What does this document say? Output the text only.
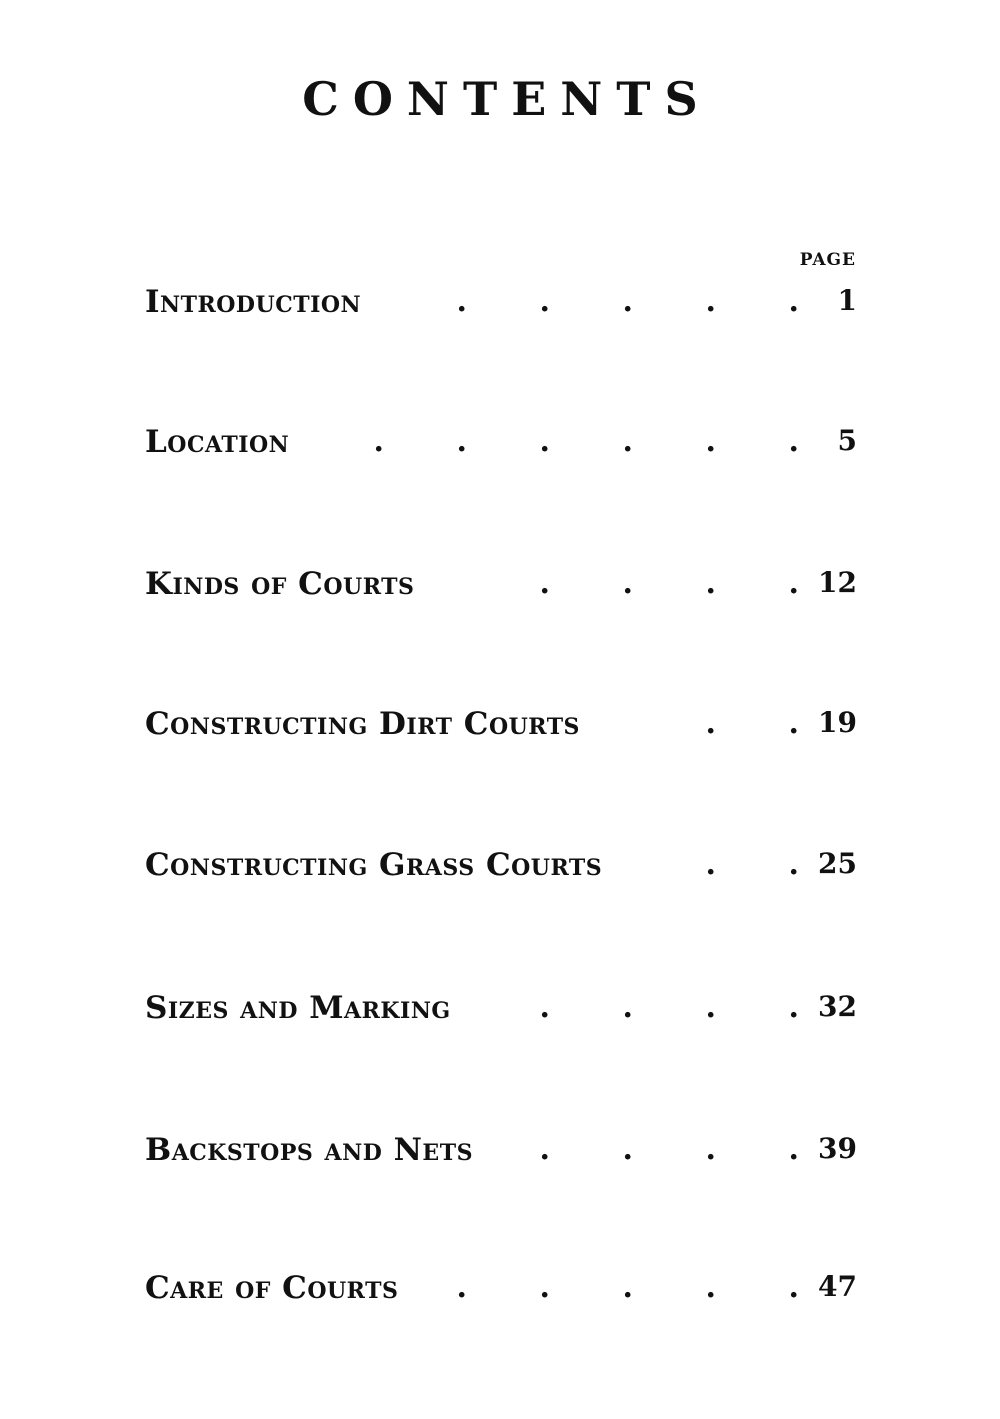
CONTENTS
PAGE
Introduction	. . . . . 1
Location	. . . . . . 5
Kinds of Courts	. . . . 12
Constructing Dirt Courts	. . 19
Constructing Grass Courts	. . 25
Sizes and Marking	. . . . 32
Backstops and Nets	. . . . 39
Care of Courts	. . . . . 47
